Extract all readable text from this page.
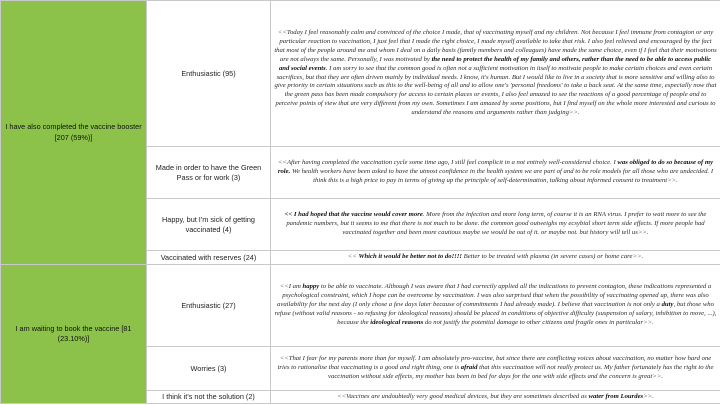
I have also completed the vaccine booster [207 (59%)]	Enthusiastic (95)	<<Today I feel reasonably calm and convinced of the choice I made, that of vaccinating myself and my children. Not because I feel immune from contagion or any particular reaction to vaccination, I just feel that I made the right choice, I made myself available to take that risk. I also feel relieved and encouraged by the fact that most of the people around me and whom I deal on a daily basis (family members and colleagues) have made the same choice, even if I feel that their motivations are not always the same. Personally, I was motivated by the need to protect the health of my family and others, rather than the need to be able to access public and social events. I am sorry to see that the common good is often not a sufficient motivation in itself to motivate people to make certain choices and even certain sacrifices, but that they are often driven mainly by individual needs. I know, it's human. But I would like to live in a society that is more sensitive and willing also to give priority in certain situations such as this to the well-being of all and to allow one's 'personal freedoms' to take a back seat. At the same time, especially now that the green pass has been made compulsory for access to certain places or events, I also feel amazed to see the reactions of a good percentage of people and to perceive points of view that are very different from my own. Sometimes I am amazed by some positions, but I find myself on the whole more interested and curious to understand the reasons and arguments rather than judging>>.
	Made in order to have the Green Pass or for work (3)	<<After having completed the vaccination cycle some time ago, I still feel complicit in a not entirely well-considered choice. I was obliged to do so because of my role. We health workers have been asked to have the utmost confidence in the health system we are part of and to be role models for all those who are undecided. I think this is a high price to pay in terms of giving up the principle of self-determination, talking about informed consent to treatment>>.
	Happy, but I'm sick of getting vaccinated (4)	<< I had hoped that the vaccine would cover more. More from the infection and more long term, of course it is an RNA virus. I prefer to wait more to see the pandemic numbers, but it seems to me that there is not much to be done. the common good outweighs my ecsybial short term side effects. If more people had vaccinated together and been more cautious maybe we would be out of it. or maybe not. but history will tell us>>.
	Vaccinated with reserves (24)	<< Which it would be better not to do!!!! Better to be treated with plasma (in severe cases) or home care>>.
I am waiting to book the vaccine [81 (23.10%)]	Enthusiastic (27)	<<I am happy to be able to vaccinate. Although I was aware that I had correctly applied all the indications to prevent contagion, these indications represented a psychological constraint, which I hope can be overcome by vaccination. I was also surprised that when the possibility of vaccinating opened up, there was also availability for the next day (I only chose a few days later because of commitments I had already made). I believe that vaccination is not only a duty, but those who refuse (without valid reasons - so refusing for ideological reasons) should be placed in conditions of objective difficulty (suspension of salary, inhibition to move, ...), because the ideological reasons do not justify the potential damage to other citizens and fragile ones in particular>>.
	Worries (3)	<<That I fear for my parents more than for myself. I am absolutely pro-vaccine, but since there are conflicting voices about vaccination, no matter how hard one tries to rationalise that vaccinating is a good and right thing, one is afraid that this vaccination will not really protect us. My father fortunately has the right to the vaccination without side effects, my mother has been in bed for days for the one with side effects and the concern is great>>.
	I think it's not the solution (2)	<<Vaccines are undoubtedly very good medical devices, but they are sometimes described as water from Lourdes>>.
